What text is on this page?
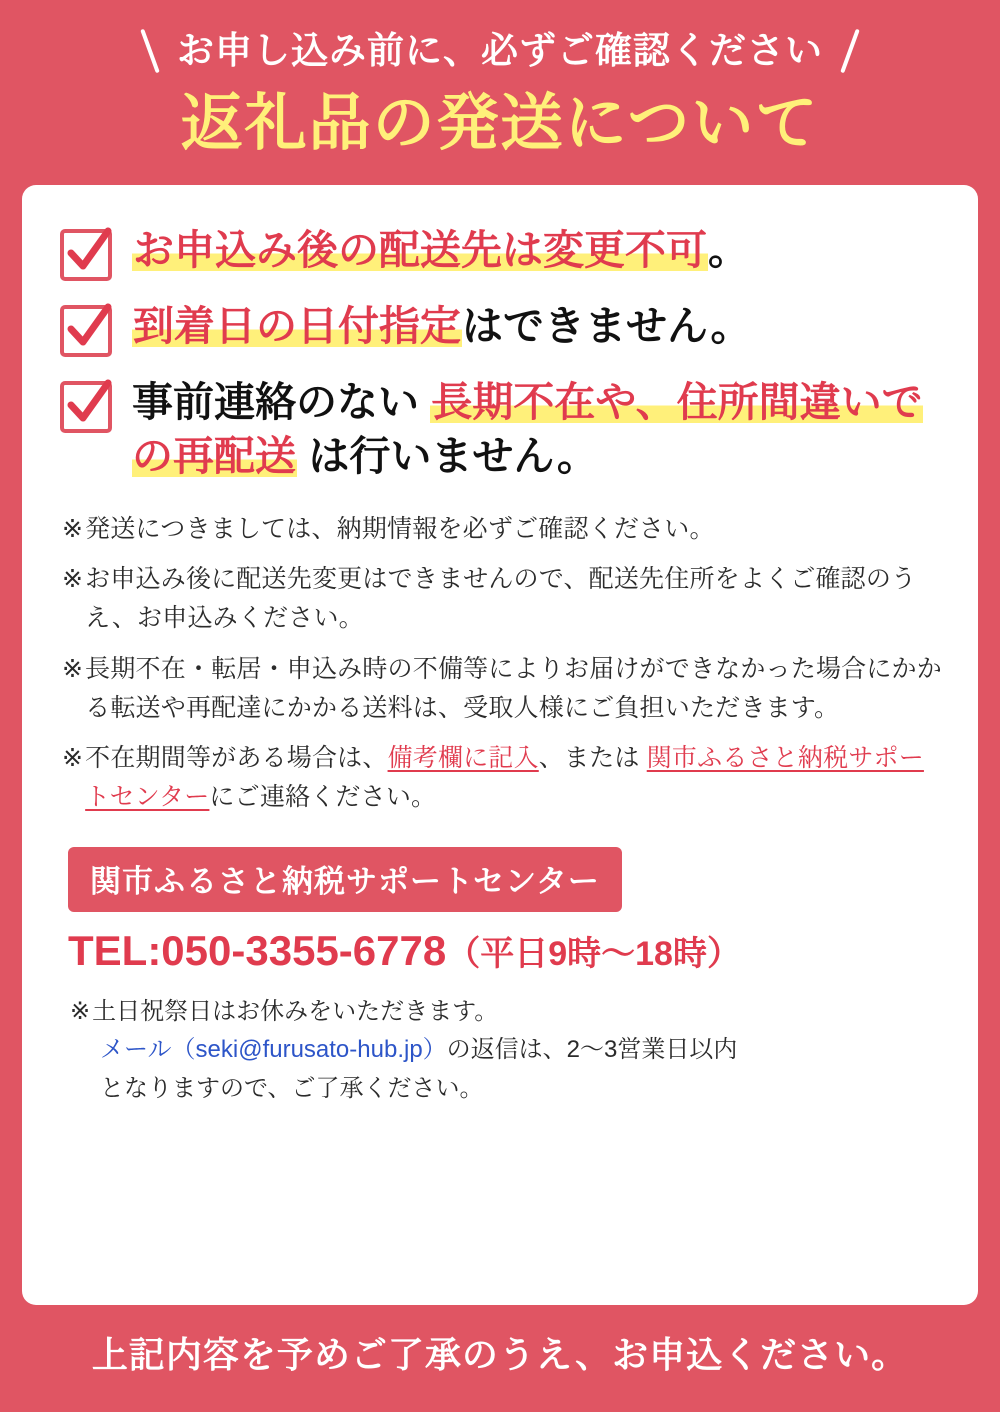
お申し込み前に、必ずご確認ください
返礼品の発送について
お申込み後の配送先は変更不可。
到着日の日付指定はできません。
事前連絡のない 長期不在や、住所間違いでの再配送 は行いません。
※ 発送につきましては、納期情報を必ずご確認ください。
※ お申込み後に配送先変更はできませんので、配送先住所をよくご確認のうえ、お申込みください。
※ 長期不在・転居・申込み時の不備等によりお届けができなかった場合にかかる転送や再配達にかかる送料は、受取人様にご負担いただきます。
※ 不在期間等がある場合は、備考欄に記入、または 関市ふるさと納税サポートセンターにご連絡ください。
関市ふるさと納税サポートセンター
TEL:050-3355-6778（平日9時〜18時）
※ 土日祝祭日はお休みをいただきます。
メール（seki@furusato-hub.jp） の返信は、2〜3営業日以内
となりますので、ご了承ください。
上記内容を予めご了承のうえ、お申込ください。
